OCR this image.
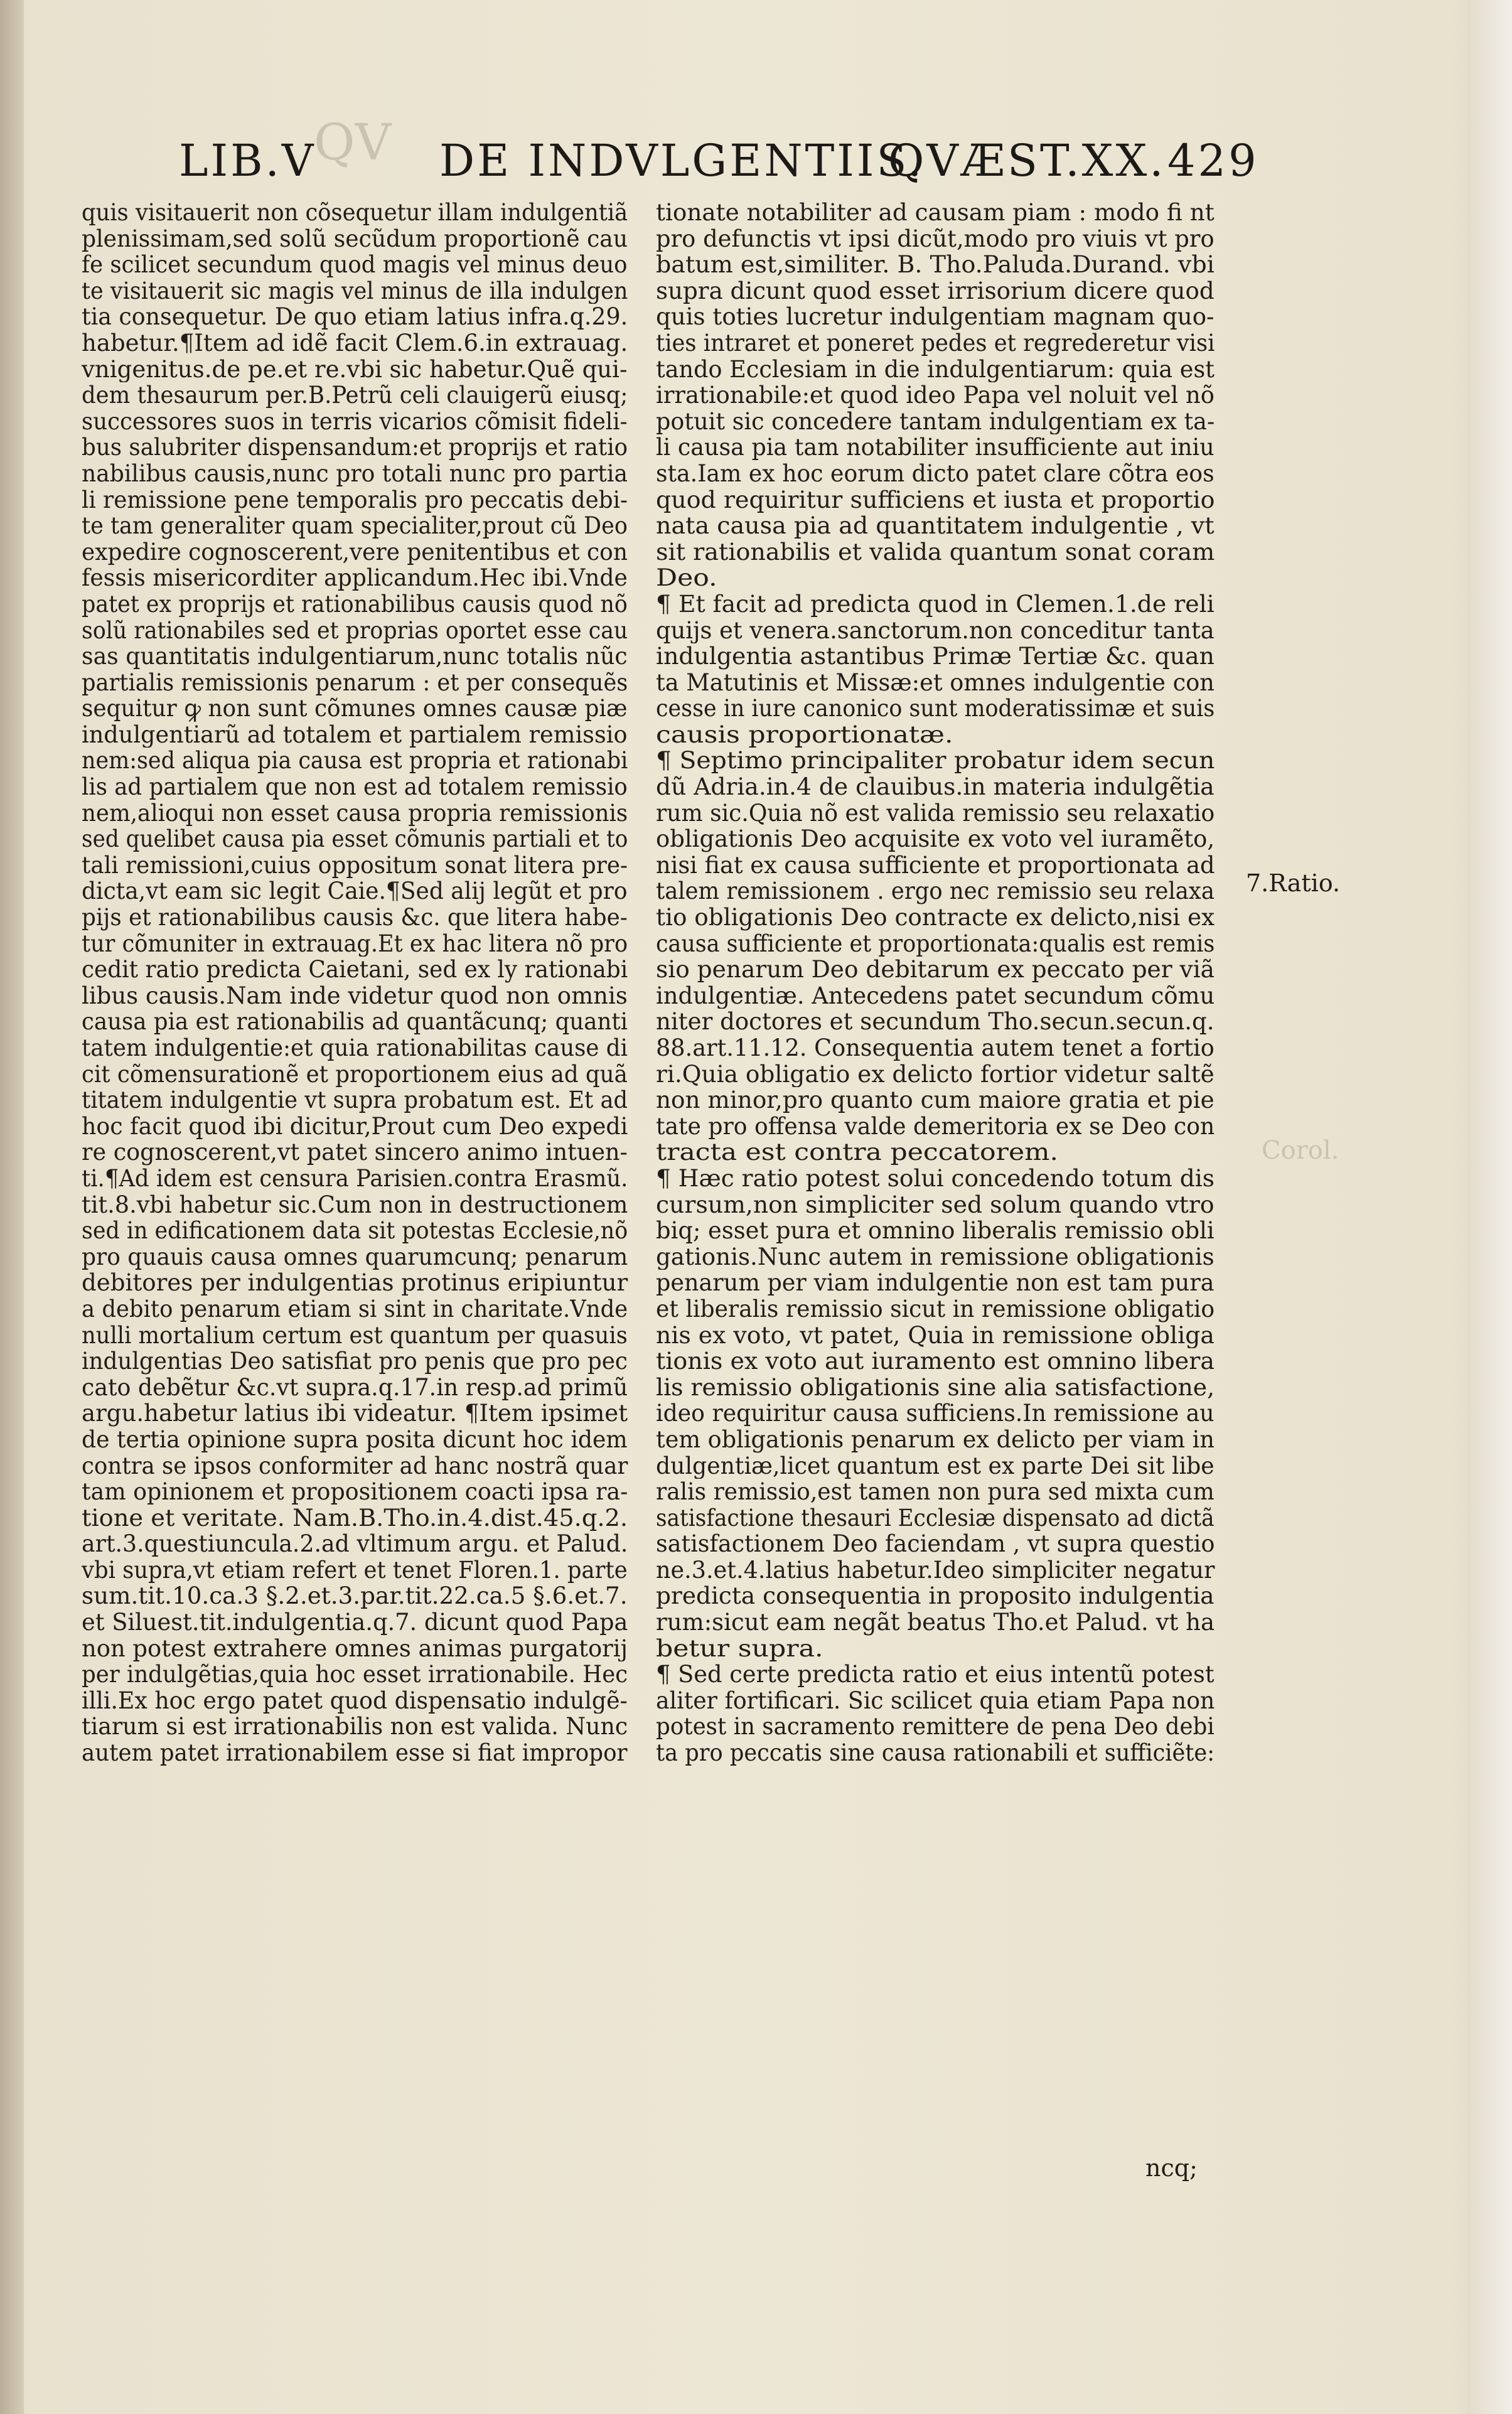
QV
Corol.
LIB.V	DE INDVLGENTIIS.
QVÆST.XX. 429
quis visitauerit non cõsequetur illam indulgentiã
plenissimam,sed solũ secũdum proportionẽ cau
fe scilicet secundum quod magis vel minus deuo
te visitauerit sic magis vel minus de illa indulgen
tia consequetur. De quo etiam latius infra.q.29.
habetur.¶Item ad idẽ facit Clem.6.in extrauag.
vnigenitus.de pe.et re.vbi sic habetur.Quẽ qui-
dem thesaurum per.B.Petrũ celi clauigerũ eiusq;
successores suos in terris vicarios cõmisit fideli-
bus salubriter dispensandum:et proprijs et ratio
nabilibus causis,nunc pro totali nunc pro partia
li remissione pene temporalis pro peccatis debi-
te tam generaliter quam specialiter,prout cũ Deo
expedire cognoscerent,vere penitentibus et con
fessis misericorditer applicandum.Hec ibi.Vnde
patet ex proprijs et rationabilibus causis quod nõ
solũ rationabiles sed et proprias oportet esse cau
sas quantitatis indulgentiarum,nunc totalis nũc
partialis remissionis penarum : et per consequẽs
sequitur ꝙ non sunt cõmunes omnes causæ piæ
indulgentiarũ ad totalem et partialem remissio
nem:sed aliqua pia causa est propria et rationabi
lis ad partialem que non est ad totalem remissio
nem,alioqui non esset causa propria remissionis
sed quelibet causa pia esset cõmunis partiali et to
tali remissioni,cuius oppositum sonat litera pre-
dicta,vt eam sic legit Caie.¶Sed alij legũt et pro
pijs et rationabilibus causis &c. que litera habe-
tur cõmuniter in extrauag.Et ex hac litera nõ pro
cedit ratio predicta Caietani, sed ex ly rationabi
libus causis.Nam inde videtur quod non omnis
causa pia est rationabilis ad quantãcunq; quanti
tatem indulgentie:et quia rationabilitas cause di
cit cõmensurationẽ et proportionem eius ad quã
titatem indulgentie vt supra probatum est. Et ad
hoc facit quod ibi dicitur,Prout cum Deo expedi
re cognoscerent,vt patet sincero animo intuen-
ti.¶Ad idem est censura Parisien.contra Erasmũ.
tit.8.vbi habetur sic.Cum non in destructionem
sed in edificationem data sit potestas Ecclesie,nõ
pro quauis causa omnes quarumcunq; penarum
debitores per indulgentias protinus eripiuntur
a debito penarum etiam si sint in charitate.Vnde
nulli mortalium certum est quantum per quasuis
indulgentias Deo satisfiat pro penis que pro pec
cato debẽtur &c.vt supra.q.17.in resp.ad primũ
argu.habetur latius ibi videatur. ¶Item ipsimet
de tertia opinione supra posita dicunt hoc idem
contra se ipsos conformiter ad hanc nostrã quar
tam opinionem et propositionem coacti ipsa ra-
tione et veritate. Nam.B.Tho.in.4.dist.45.q.2.
art.3.questiuncula.2.ad vltimum argu. et Palud.
vbi supra,vt etiam refert et tenet Floren.1. parte
sum.tit.10.ca.3 §.2.et.3.par.tit.22.ca.5 §.6.et.7.
et Siluest.tit.indulgentia.q.7. dicunt quod Papa
non potest extrahere omnes animas purgatorij
per indulgẽtias,quia hoc esset irrationabile. Hec
illi.Ex hoc ergo patet quod dispensatio indulgẽ-
tiarum si est irrationabilis non est valida. Nunc
autem patet irrationabilem esse si fiat impropor
tionate notabiliter ad causam piam : modo fi nt
pro defunctis vt ipsi dicũt,modo pro viuis vt pro
batum est,similiter. B. Tho.Paluda.Durand. vbi
supra dicunt quod esset irrisorium dicere quod
quis toties lucretur indulgentiam magnam quo-
ties intraret et poneret pedes et regrederetur visi
tando Ecclesiam in die indulgentiarum: quia est
irrationabile:et quod ideo Papa vel noluit vel nõ
potuit sic concedere tantam indulgentiam ex ta-
li causa pia tam notabiliter insufficiente aut iniu
sta.Iam ex hoc eorum dicto patet clare cõtra eos
quod requiritur sufficiens et iusta et proportio
nata causa pia ad quantitatem indulgentie , vt
sit rationabilis et valida quantum sonat coram
Deo.
¶ Et facit ad predicta quod in Clemen.1.de reli
quijs et venera.sanctorum.non conceditur tanta
indulgentia astantibus Primæ Tertiæ &c. quan
ta Matutinis et Missæ:et omnes indulgentie con
cesse in iure canonico sunt moderatissimæ et suis
causis proportionatæ.
¶ Septimo principaliter probatur idem secun
dũ Adria.in.4 de clauibus.in materia indulgẽtia
rum sic.Quia nõ est valida remissio seu relaxatio
obligationis Deo acquisite ex voto vel iuramẽto,
nisi fiat ex causa sufficiente et proportionata ad
talem remissionem . ergo nec remissio seu relaxa
tio obligationis Deo contracte ex delicto,nisi ex
causa sufficiente et proportionata:qualis est remis
sio penarum Deo debitarum ex peccato per viã
indulgentiæ. Antecedens patet secundum cõmu
niter doctores et secundum Tho.secun.secun.q.
88.art.11.12. Consequentia autem tenet a fortio
ri.Quia obligatio ex delicto fortior videtur saltẽ
non minor,pro quanto cum maiore gratia et pie
tate pro offensa valde demeritoria ex se Deo con
tracta est contra peccatorem.
¶ Hæc ratio potest solui concedendo totum dis
cursum,non simpliciter sed solum quando vtro
biq; esset pura et omnino liberalis remissio obli
gationis.Nunc autem in remissione obligationis
penarum per viam indulgentie non est tam pura
et liberalis remissio sicut in remissione obligatio
nis ex voto, vt patet, Quia in remissione obliga
tionis ex voto aut iuramento est omnino libera
lis remissio obligationis sine alia satisfactione,
ideo requiritur causa sufficiens.In remissione au
tem obligationis penarum ex delicto per viam in
dulgentiæ,licet quantum est ex parte Dei sit libe
ralis remissio,est tamen non pura sed mixta cum
satisfactione thesauri Ecclesiæ dispensato ad dictã
satisfactionem Deo faciendam , vt supra questio
ne.3.et.4.latius habetur.Ideo simpliciter negatur
predicta consequentia in proposito indulgentia
rum:sicut eam negãt beatus Tho.et Palud. vt ha
betur supra.
¶ Sed certe predicta ratio et eius intentũ potest
aliter fortificari. Sic scilicet quia etiam Papa non
potest in sacramento remittere de pena Deo debi
ta pro peccatis sine causa rationabili et sufficiẽte:
7.Ratio.
ncq;
